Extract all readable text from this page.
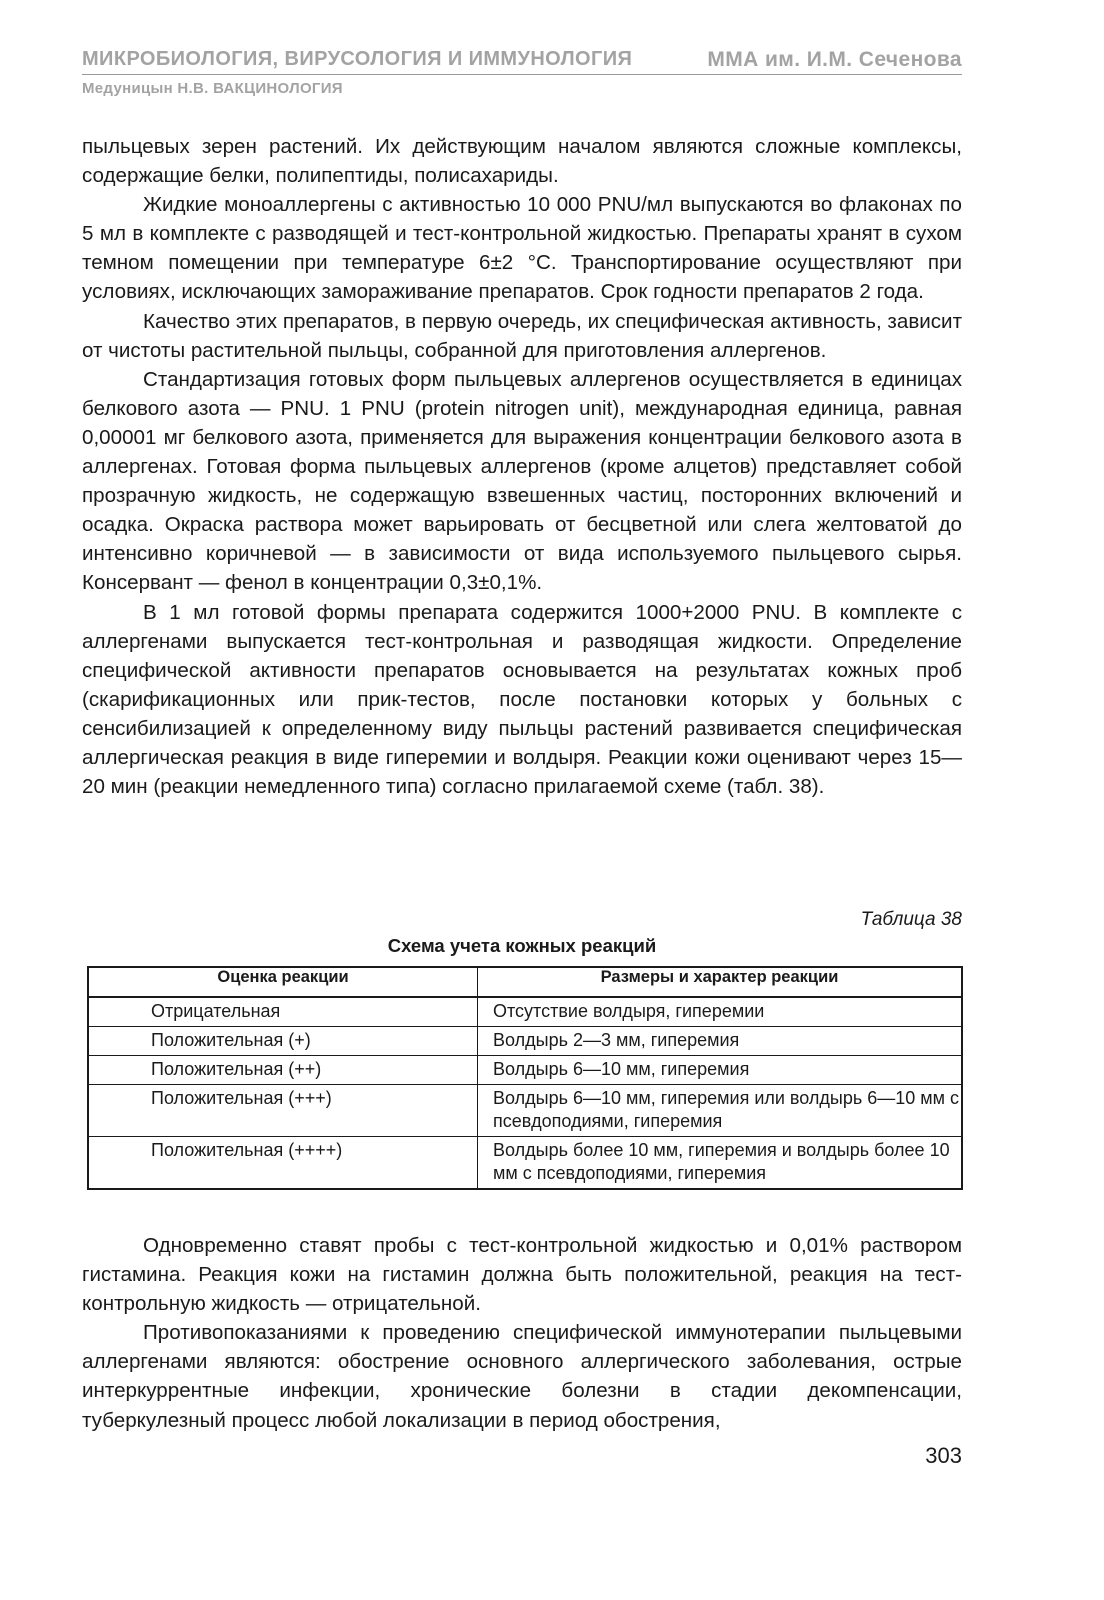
МИКРОБИОЛОГИЯ, ВИРУСОЛОГИЯ И ИММУНОЛОГИЯ	ММА им. И.М. Сеченова
Медуницын Н.В. ВАКЦИНОЛОГИЯ

пыльцевых зерен растений. Их действующим началом являются сложные комплексы, содержащие белки, полипептиды, полисахариды.

Жидкие моноаллергены с активностью 10 000 PNU/мл выпускаются во флаконах по 5 мл в комплекте с разводящей и тест-контрольной жидкостью. Препараты хранят в сухом темном помещении при температуре 6±2 °С. Транспортирование осуществляют при условиях, исключающих замораживание препаратов. Срок годности препаратов 2 года.

Качество этих препаратов, в первую очередь, их специфическая активность, зависит от чистоты растительной пыльцы, собранной для приготовления аллергенов.

Стандартизация готовых форм пыльцевых аллергенов осуществляется в единицах белкового азота — PNU. 1 PNU (protein nitrogen unit), международная единица, равная 0,00001 мг белкового азота, применяется для выражения концентрации белкового азота в аллергенах. Готовая форма пыльцевых аллергенов (кроме алцетов) представляет собой прозрачную жидкость, не содержащую взвешенных частиц, посторонних включений и осадка. Окраска раствора может варьировать от бесцветной или слега желтоватой до интенсивно коричневой — в зависимости от вида используемого пыльцевого сырья. Консервант — фенол в концентрации 0,3±0,1%.

В 1 мл готовой формы препарата содержится 1000+2000 PNU. В комплекте с аллергенами выпускается тест-контрольная и разводящая жидкости. Определение специфической активности препаратов основывается на результатах кожных проб (скарификационных или прик-тестов, после постановки которых у больных с сенсибилизацией к определенному виду пыльцы растений развивается специфическая аллергическая реакция в виде гиперемии и волдыря. Реакции кожи оценивают через 15—20 мин (реакции немедленного типа) согласно прилагаемой схеме (табл. 38).

Таблица 38
Схема учета кожных реакций
Оценка реакции	Размеры и характер реакции
Отрицательная	Отсутствие волдыря, гиперемии
Положительная (+)	Волдырь 2—3 мм, гиперемия
Положительная (++)	Волдырь 6—10 мм, гиперемия
Положительная (+++)	Волдырь 6—10 мм, гиперемия или волдырь 6—10 мм с псевдоподиями, гиперемия
Положительная (++++)	Волдырь более 10 мм, гиперемия и волдырь более 10 мм с псевдоподиями, гиперемия

Одновременно ставят пробы с тест-контрольной жидкостью и 0,01% раствором гистамина. Реакция кожи на гистамин должна быть положительной, реакция на тест-контрольную жидкость — отрицательной.

Противопоказаниями к проведению специфической иммунотерапии пыльцевыми аллергенами являются: обострение основного аллергического заболевания, острые интеркуррентные инфекции, хронические болезни в стадии декомпенсации, туберкулезный процесс любой локализации в период обострения,

303
